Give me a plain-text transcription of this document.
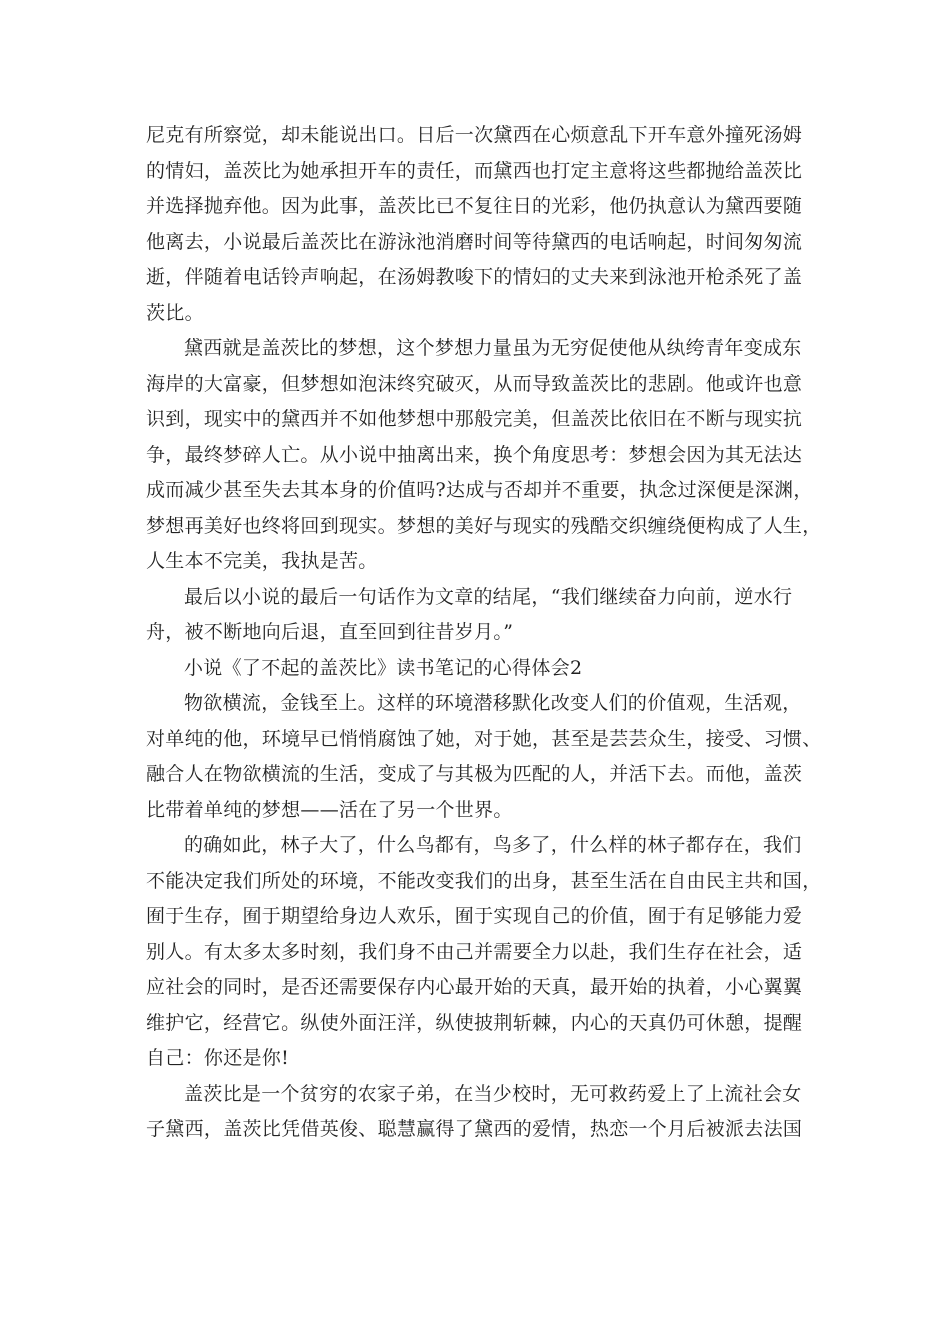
尼克有所察觉，却未能说出口。日后一次黛西在心烦意乱下开车意外撞死汤姆
的情妇，盖茨比为她承担开车的责任，而黛西也打定主意将这些都抛给盖茨比
并选择抛弃他。因为此事，盖茨比已不复往日的光彩，他仍执意认为黛西要随
他离去，小说最后盖茨比在游泳池消磨时间等待黛西的电话响起，时间匆匆流
逝，伴随着电话铃声响起，在汤姆教唆下的情妇的丈夫来到泳池开枪杀死了盖
茨比。
黛西就是盖茨比的梦想，这个梦想力量虽为无穷促使他从纨绔青年变成东
海岸的大富豪，但梦想如泡沫终究破灭，从而导致盖茨比的悲剧。他或许也意
识到，现实中的黛西并不如他梦想中那般完美，但盖茨比依旧在不断与现实抗
争，最终梦碎人亡。从小说中抽离出来，换个角度思考：梦想会因为其无法达
成而减少甚至失去其本身的价值吗?达成与否却并不重要，执念过深便是深渊，
梦想再美好也终将回到现实。梦想的美好与现实的残酷交织缠绕便构成了人生，
人生本不完美，我执是苦。
最后以小说的最后一句话作为文章的结尾，“我们继续奋力向前，逆水行
舟，被不断地向后退，直至回到往昔岁月。”
小说《了不起的盖茨比》读书笔记的心得体会2
物欲横流，金钱至上。这样的环境潜移默化改变人们的价值观，生活观，
对单纯的他，环境早已悄悄腐蚀了她，对于她，甚至是芸芸众生，接受、习惯、
融合人在物欲横流的生活，变成了与其极为匹配的人，并活下去。而他，盖茨
比带着单纯的梦想——活在了另一个世界。
的确如此，林子大了，什么鸟都有，鸟多了，什么样的林子都存在，我们
不能决定我们所处的环境，不能改变我们的出身，甚至生活在自由民主共和国，
囿于生存，囿于期望给身边人欢乐，囿于实现自己的价值，囿于有足够能力爱
别人。有太多太多时刻，我们身不由己并需要全力以赴，我们生存在社会，适
应社会的同时，是否还需要保存内心最开始的天真，最开始的执着，小心翼翼
维护它，经营它。纵使外面汪洋，纵使披荆斩棘，内心的天真仍可休憩，提醒
自己：你还是你!
盖茨比是一个贫穷的农家子弟，在当少校时，无可救药爱上了上流社会女
子黛西，盖茨比凭借英俊、聪慧赢得了黛西的爱情，热恋一个月后被派去法国
